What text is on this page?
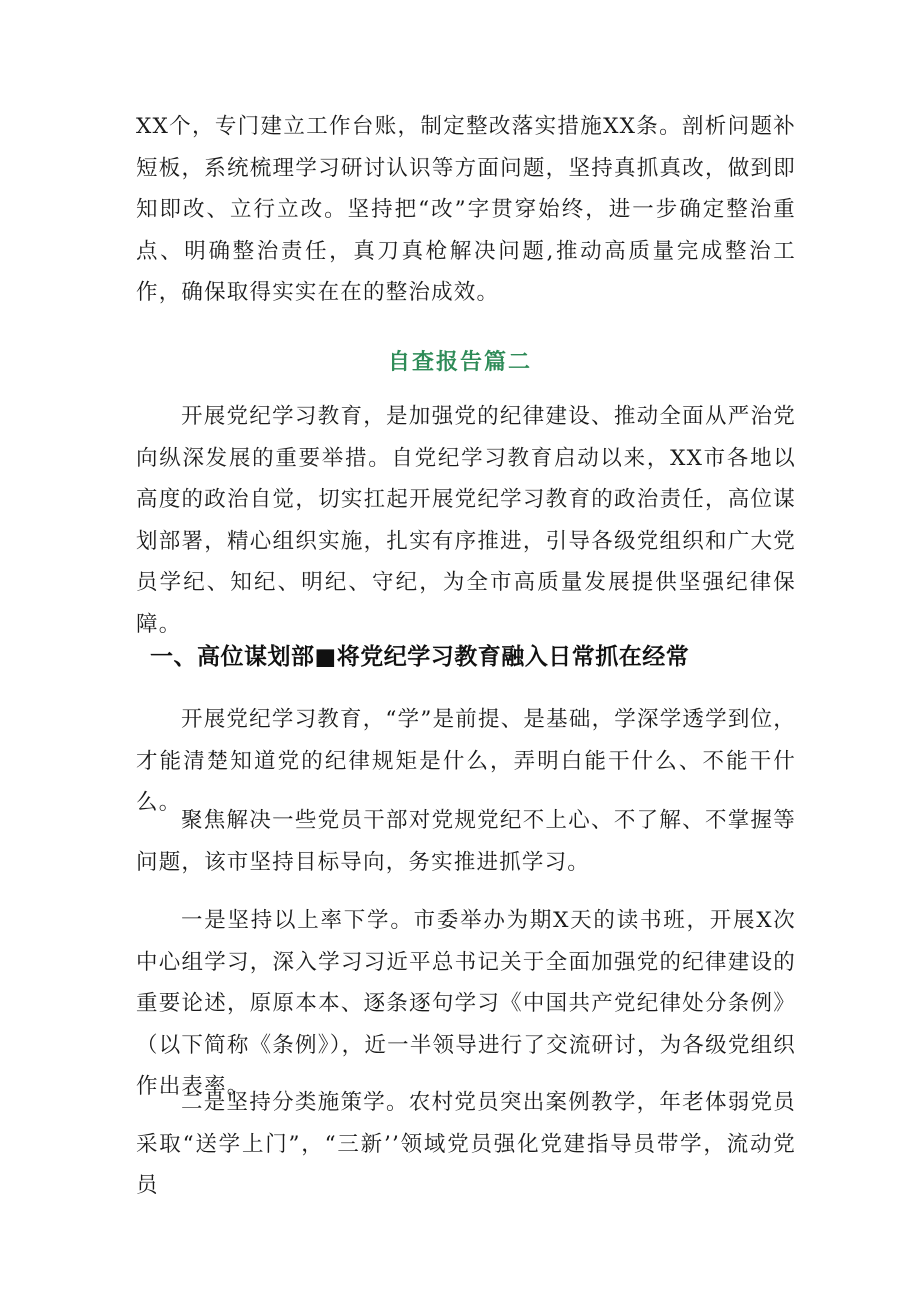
XX个，专门建立工作台账，制定整改落实措施XX条。剖析问题补短板，系统梳理学习研讨认识等方面问题，坚持真抓真改，做到即知即改、立行立改。坚持把“改”字贯穿始终，进一步确定整治重点、明确整治责任，真刀真枪解决问题,推动高质量完成整治工作，确保取得实实在在的整治成效。

自查报告篇二

开展党纪学习教育，是加强党的纪律建设、推动全面从严治党向纵深发展的重要举措。自党纪学习教育启动以来，XX市各地以高度的政治自觉，切实扛起开展党纪学习教育的政治责任，高位谋划部署，精心组织实施，扎实有序推进，引导各级党组织和广大党员学纪、知纪、明纪、守纪，为全市高质量发展提供坚强纪律保障。

一、高位谋划部■将党纪学习教育融入日常抓在经常

开展党纪学习教育，“学”是前提、是基础，学深学透学到位，才能清楚知道党的纪律规矩是什么，弄明白能干什么、不能干什么。

聚焦解决一些党员干部对党规党纪不上心、不了解、不掌握等问题，该市坚持目标导向，务实推进抓学习。

一是坚持以上率下学。市委举办为期X天的读书班，开展X次中心组学习，深入学习习近平总书记关于全面加强党的纪律建设的重要论述，原原本本、逐条逐句学习《中国共产党纪律处分条例》（以下简称《条例》），近一半领导进行了交流研讨，为各级党组织作出表率。

二是坚持分类施策学。农村党员突出案例教学，年老体弱党员采取“送学上门”，“三新’’领域党员强化党建指导员带学，流动党员
